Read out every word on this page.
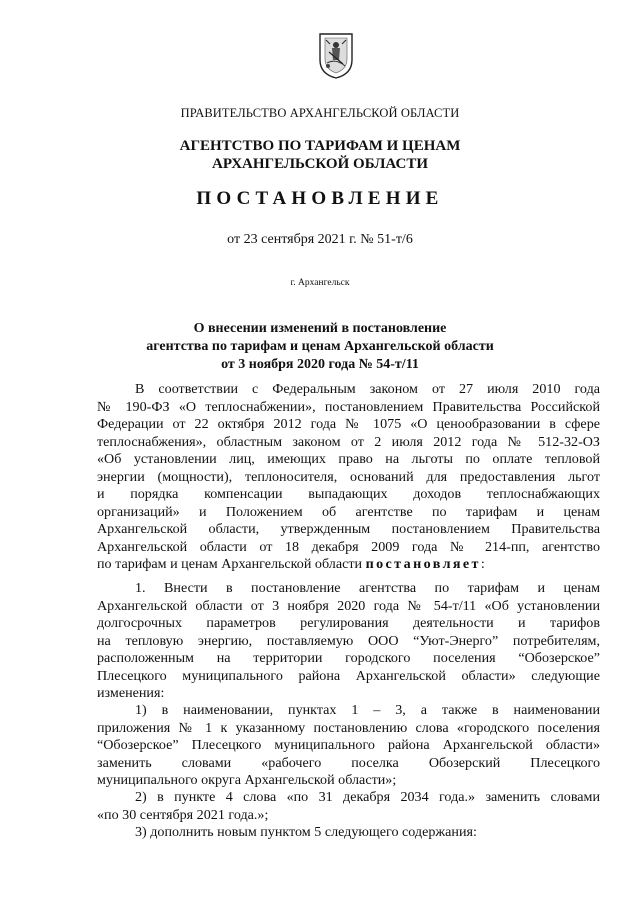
ПРАВИТЕЛЬСТВО АРХАНГЕЛЬСКОЙ ОБЛАСТИ
АГЕНТСТВО ПО ТАРИФАМ И ЦЕНАМ
АРХАНГЕЛЬСКОЙ ОБЛАСТИ
ПОСТАНОВЛЕНИЕ
от 23 сентября 2021 г. № 51-т/6
г. Архангельск
О внесении изменений в постановление
агентства по тарифам и ценам Архангельской области
от 3 ноября 2020 года № 54-т/11
В соответствии с Федеральным законом от 27 июля 2010 года
№ 190-ФЗ «О теплоснабжении», постановлением Правительства Российской
Федерации от 22 октября 2012 года № 1075 «О ценообразовании в сфере
теплоснабжения», областным законом от 2 июля 2012 года № 512-32-ОЗ
«Об установлении лиц, имеющих право на льготы по оплате тепловой
энергии (мощности), теплоносителя, оснований для предоставления льгот
и порядка компенсации выпадающих доходов теплоснабжающих
организаций» и Положением об агентстве по тарифам и ценам
Архангельской области, утвержденным постановлением Правительства
Архангельской области от 18 декабря 2009 года № 214-пп, агентство
по тарифам и ценам Архангельской области постановляет:
1. Внести в постановление агентства по тарифам и ценам
Архангельской области от 3 ноября 2020 года № 54-т/11 «Об установлении
долгосрочных параметров регулирования деятельности и тарифов
на тепловую энергию, поставляемую ООО “Уют-Энерго” потребителям,
расположенным на территории городского поселения “Обозерское”
Плесецкого муниципального района Архангельской области» следующие
изменения:
1) в наименовании, пунктах 1 – 3, а также в наименовании
приложения № 1 к указанному постановлению слова «городского поселения
“Обозерское” Плесецкого муниципального района Архангельской области»
заменить словами «рабочего поселка Обозерский Плесецкого
муниципального округа Архангельской области»;
2) в пункте 4 слова «по 31 декабря 2034 года.» заменить словами
«по 30 сентября 2021 года.»;
3) дополнить новым пунктом 5 следующего содержания:
